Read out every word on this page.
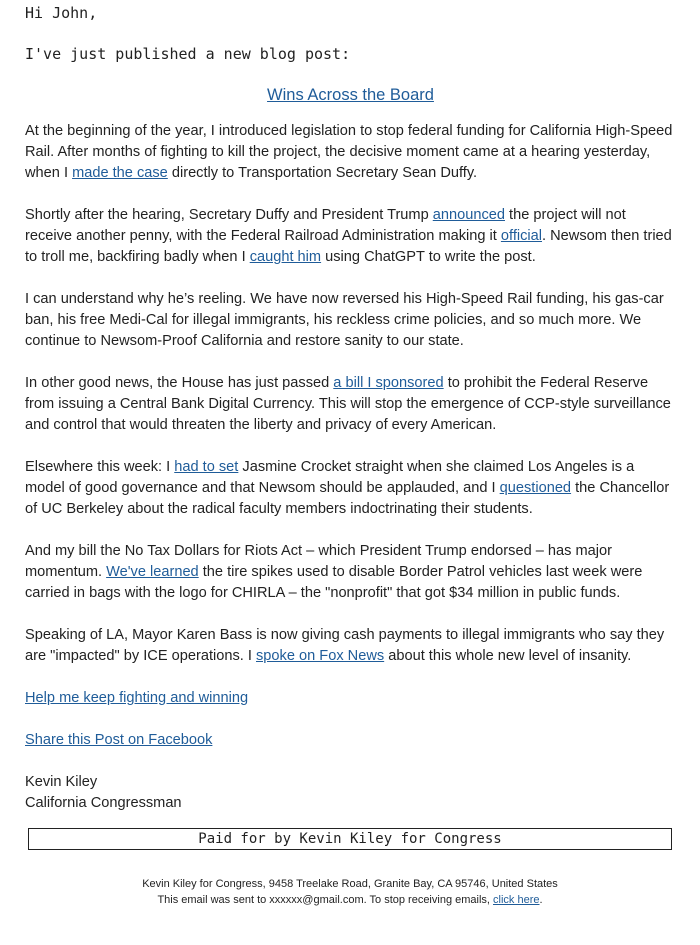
Hi John,

I've just published a new blog post:

Wins Across the Board

At the beginning of the year, I introduced legislation to stop federal funding for California High-Speed Rail. After months of fighting to kill the project, the decisive moment came at a hearing yesterday, when I made the case directly to Transportation Secretary Sean Duffy.

Shortly after the hearing, Secretary Duffy and President Trump announced the project will not receive another penny, with the Federal Railroad Administration making it official. Newsom then tried to troll me, backfiring badly when I caught him using ChatGPT to write the post.

I can understand why he’s reeling. We have now reversed his High-Speed Rail funding, his gas-car ban, his free Medi-Cal for illegal immigrants, his reckless crime policies, and so much more. We continue to Newsom-Proof California and restore sanity to our state.

In other good news, the House has just passed a bill I sponsored to prohibit the Federal Reserve from issuing a Central Bank Digital Currency. This will stop the emergence of CCP-style surveillance and control that would threaten the liberty and privacy of every American.

Elsewhere this week: I had to set Jasmine Crocket straight when she claimed Los Angeles is a model of good governance and that Newsom should be applauded, and I questioned the Chancellor of UC Berkeley about the radical faculty members indoctrinating their students.

And my bill the No Tax Dollars for Riots Act – which President Trump endorsed – has major momentum. We've learned the tire spikes used to disable Border Patrol vehicles last week were carried in bags with the logo for CHIRLA – the "nonprofit" that got $34 million in public funds.

Speaking of LA, Mayor Karen Bass is now giving cash payments to illegal immigrants who say they are "impacted" by ICE operations. I spoke on Fox News about this whole new level of insanity.

Help me keep fighting and winning

Share this Post on Facebook

Kevin Kiley
California Congressman
Paid for by Kevin Kiley for Congress
Kevin Kiley for Congress, 9458 Treelake Road, Granite Bay, CA 95746, United States
This email was sent to xxxxxx@gmail.com. To stop receiving emails, click here.
